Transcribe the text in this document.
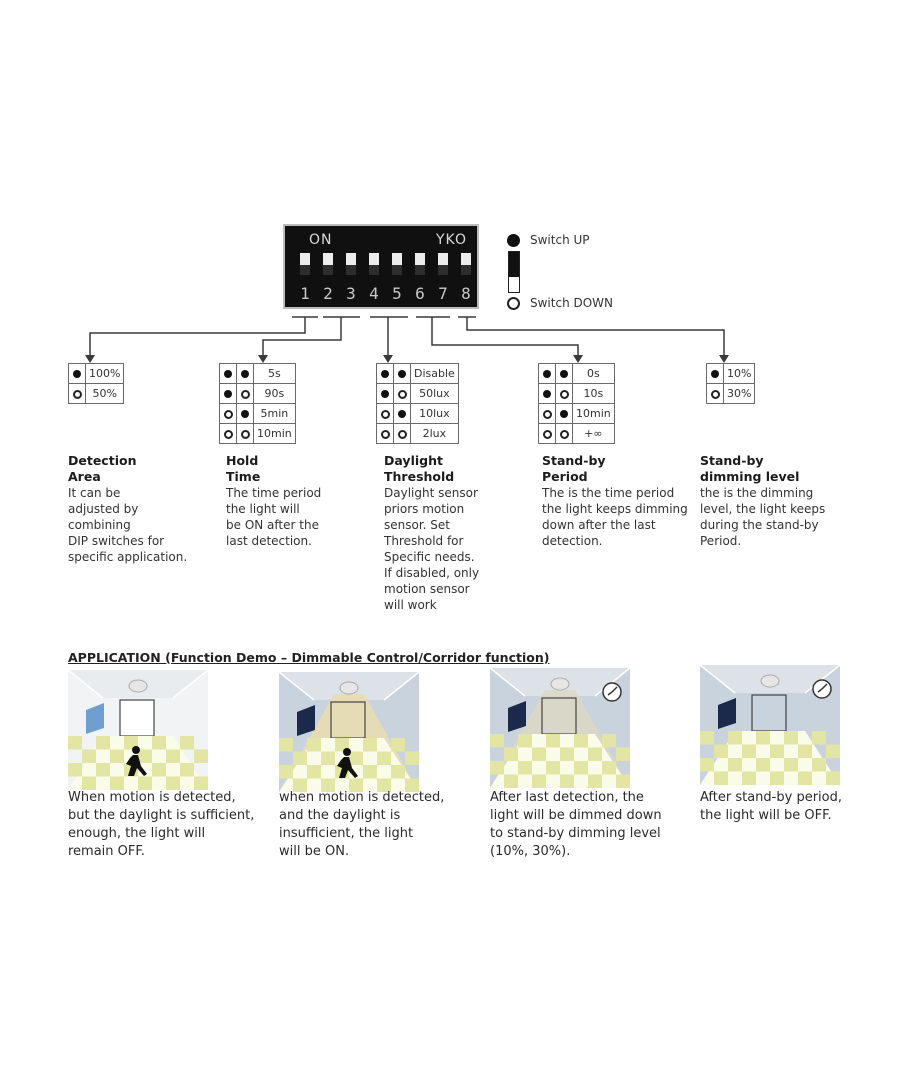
ON	YKO
1 2 3 4 5 6 7 8
Switch UP
Switch DOWN
	100%
	50%
		5s
		90s
		5min
		10min
		Disable
		50lux
		10lux
		2lux
		0s
		10s
		10min
		+∞
	10%
	30%
Detection
Area
It can be
adjusted by
combining
DIP switches for
specific application.
Hold
Time
The time period
the light will
be ON after the
last detection.
Daylight
Threshold
Daylight sensor
priors motion
sensor. Set
Threshold for
Specific needs.
If disabled, only
motion sensor
will work
Stand-by
Period
The is the time period
the light keeps dimming
down after the last
detection.
Stand-by
dimming level
the is the dimming
level, the light keeps
during the stand-by
Period.
APPLICATION (Function Demo – Dimmable Control/Corridor function)
When motion is detected,
but the daylight is sufficient,
enough, the light will
remain OFF.
when motion is detected,
and the daylight is
insufficient, the light
will be ON.
After last detection, the
light will be dimmed down
to stand-by dimming level
(10%, 30%).
After stand-by period,
the light will be OFF.
